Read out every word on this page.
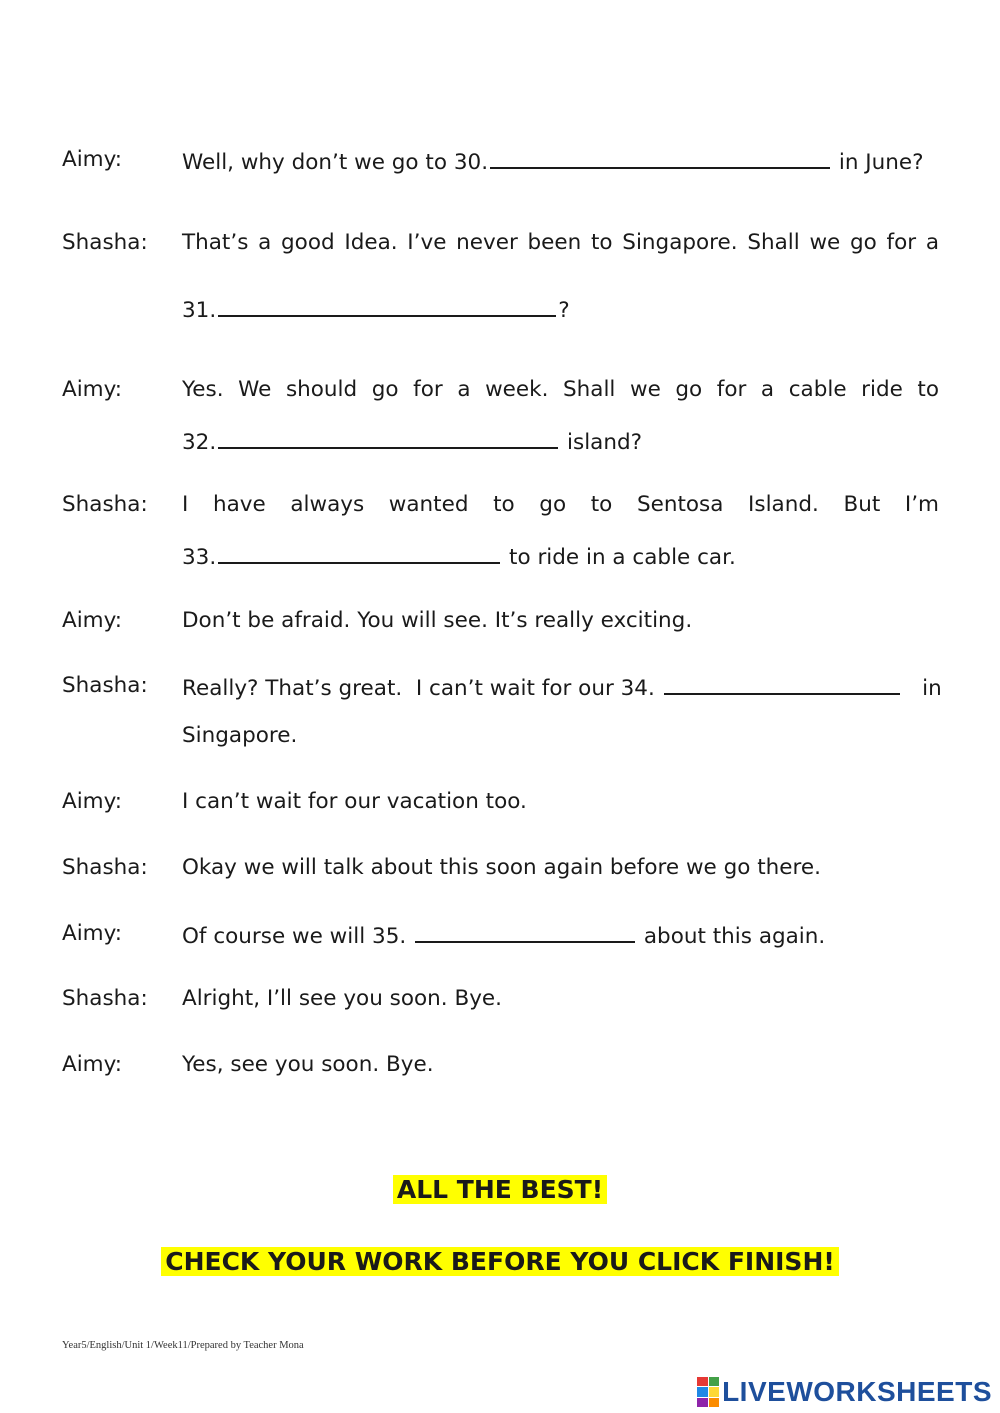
Aimy:	Well, why don’t we go to 30.	in June?
Shasha: That’s a good Idea. I’ve never been to Singapore. Shall we go for a
31.	?
Aimy:	Yes. We should go for a week. Shall we go for a cable ride to
32.	island?
Shasha: I have always wanted to go to Sentosa Island. But I’m
33.	to ride in a cable car.
Aimy:	Don’t be afraid. You will see. It’s really exciting.
Shasha: Really? That’s great.  I can’t wait for our 34.	in
Singapore.
Aimy:	I can’t wait for our vacation too.
Shasha: Okay we will talk about this soon again before we go there.
Aimy:	Of course we will 35.	about this again.
Shasha: Alright, I’ll see you soon. Bye.
Aimy:	Yes, see you soon. Bye.
ALL THE BEST!
CHECK YOUR WORK BEFORE YOU CLICK FINISH!
Year5/English/Unit 1/Week11/Prepared by Teacher Mona
LIVEWORKSHEETS
